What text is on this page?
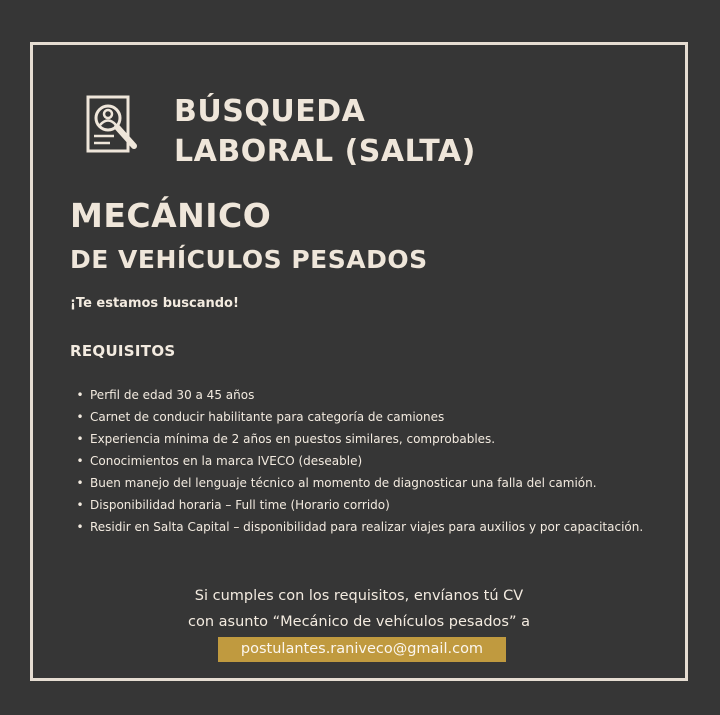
BÚSQUEDA
LABORAL (SALTA)
MECÁNICO
DE VEHÍCULOS PESADOS
¡Te estamos buscando!
REQUISITOS
• Perfil de edad 30 a 45 años
• Carnet de conducir habilitante para categoría de camiones
• Experiencia mínima de 2 años en puestos similares, comprobables.
• Conocimientos en la marca IVECO (deseable)
• Buen manejo del lenguaje técnico al momento de diagnosticar una falla del camión.
• Disponibilidad horaria – Full time (Horario corrido)
• Residir en Salta Capital – disponibilidad para realizar viajes para auxilios y por capacitación.
Si cumples con los requisitos, envíanos tú CV
con asunto “Mecánico de vehículos pesados” a
postulantes.raniveco@gmail.com
